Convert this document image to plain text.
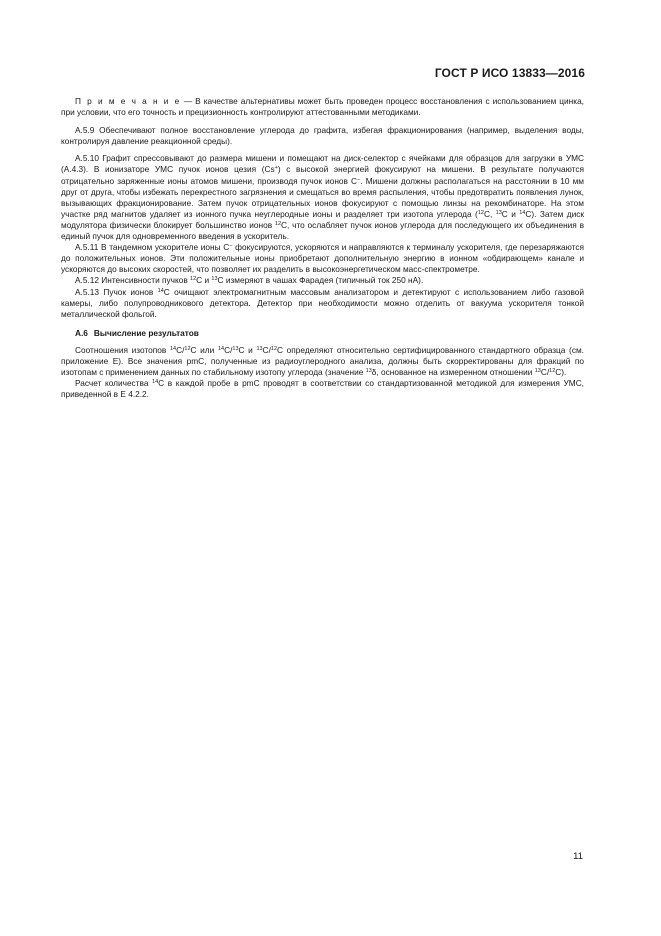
ГОСТ Р ИСО 13833—2016

П р и м е ч а н и е — В качестве альтернативы может быть проведен процесс восстановления с использованием цинка, при условии, что его точность и прецизионность контролируют аттестованными методиками.

А.5.9 Обеспечивают полное восстановление углерода до графита, избегая фракционирования (например, выделения воды, контролируя давление реакционной среды).

А.5.10 Графит спрессовывают до размера мишени и помещают на диск-селектор с ячейками для образцов для загрузки в УМС (А.4.3). В ионизаторе УМС пучок ионов цезия (Cs+) с высокой энергией фокусируют на мишени. В результате получаются отрицательно заряженные ионы атомов мишени, производя пучок ионов С−. Мишени должны располагаться на расстоянии в 10 мм друг от друга, чтобы избежать перекрестного загрязнения и смещаться во время распыления, чтобы предотвратить появления лунок, вызывающих фракционирование. Затем пучок отрицательных ионов фокусируют с помощью линзы на рекомбинаторе. На этом участке ряд магнитов удаляет из ионного пучка неуглеродные ионы и разделяет три изотопа углерода ($^{12}$C, $^{13}$C и $^{14}$C). Затем диск модулятора физически блокирует большинство ионов $^{12}$C, что ослабляет пучок ионов углерода для последующего их объединения в единый пучок для одновременного введения в ускоритель.

А.5.11 В тандемном ускорителе ионы C− фокусируются, ускоряются и направляются к терминалу ускорителя, где перезаряжаются до положительных ионов. Эти положительные ионы приобретают дополнительную энергию в ионном «обдирающем» канале и ускоряются до высоких скоростей, что позволяет их разделить в высокоэнергетическом масс-спектрометре.

А.5.12 Интенсивности пучков $^{12}$C и $^{13}$C измеряют в чашах Фарадея (типичный ток 250 нА).

А.5.13 Пучок ионов $^{14}$C очищают электромагнитным массовым анализатором и детектируют с использованием либо газовой камеры, либо полупроводникового детектора. Детектор при необходимости можно отделить от вакуума ускорителя тонкой металлической фольгой.

А.6 Вычисление результатов

Соотношения изотопов $^{14}$C/$^{12}$C или $^{14}$C/$^{13}$C и $^{13}$C/$^{12}$C определяют относительно сертифицированного стандартного образца (см. приложение Е). Все значения pmC, полученные из радиоуглеродного анализа, должны быть скорректированы для фракций по изотопам с применением данных по стабильному изотопу углерода (значение $^{13}$δ, основанное на измеренном отношении $^{13}$C/$^{12}$C).

Расчет количества $^{14}$C в каждой пробе в pmC проводят в соответствии со стандартизованной методикой для измерения УМС, приведенной в Е 4.2.2.

11
